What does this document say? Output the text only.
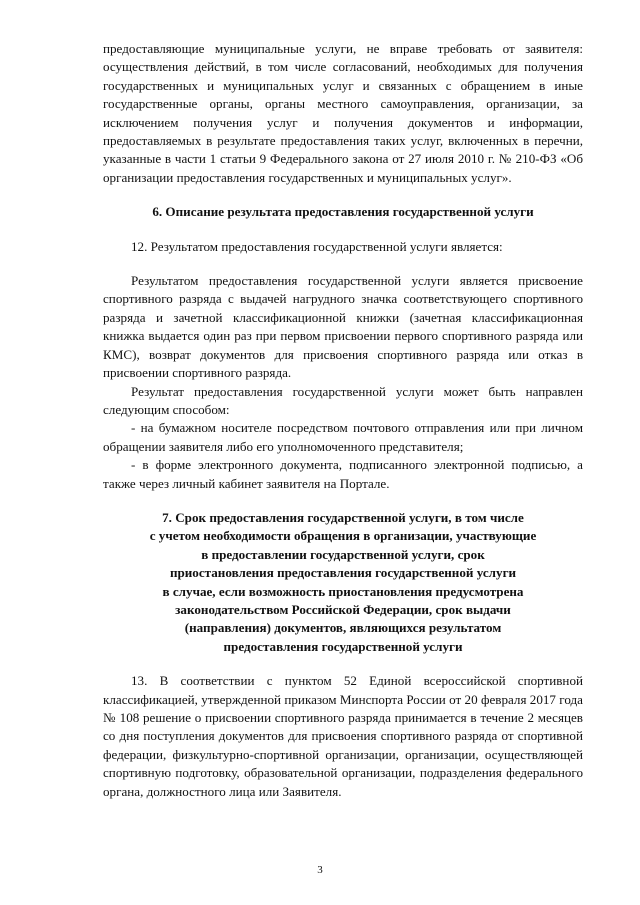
предоставляющие муниципальные услуги, не вправе требовать от заявителя: осуществления действий, в том числе согласований, необходимых для получения государственных и муниципальных услуг и связанных с обращением в иные государственные органы, органы местного самоуправления, организации, за исключением получения услуг и получения документов и информации, предоставляемых в результате предоставления таких услуг, включенных в перечни, указанные в части 1 статьи 9 Федерального закона от 27 июля 2010 г. № 210-ФЗ «Об организации предоставления государственных и муниципальных услуг».

6. Описание результата предоставления государственной услуги

12. Результатом предоставления государственной услуги является:

Результатом предоставления государственной услуги является присвоение спортивного разряда с выдачей нагрудного значка соответствующего спортивного разряда и зачетной классификационной книжки (зачетная классификационная книжка выдается один раз при первом присвоении первого спортивного разряда или КМС), возврат документов для присвоения спортивного разряда или отказ в присвоении спортивного разряда.

Результат предоставления государственной услуги может быть направлен следующим способом:

- на бумажном носителе посредством почтового отправления или при личном обращении заявителя либо его уполномоченного представителя;

- в форме электронного документа, подписанного электронной подписью, а также через личный кабинет заявителя на Портале.

7. Срок предоставления государственной услуги, в том числе
с учетом необходимости обращения в организации, участвующие
в предоставлении государственной услуги, срок
приостановления предоставления государственной услуги
в случае, если возможность приостановления предусмотрена
законодательством Российской Федерации, срок выдачи
(направления) документов, являющихся результатом
предоставления государственной услуги

13. В соответствии с пунктом 52 Единой всероссийской спортивной классификацией, утвержденной приказом Минспорта России от 20 февраля 2017 года № 108 решение о присвоении спортивного разряда принимается в течение 2 месяцев со дня поступления документов для присвоения спортивного разряда от спортивной федерации, физкультурно-спортивной организации, организации, осуществляющей спортивную подготовку, образовательной организации, подразделения федерального органа, должностного лица или Заявителя.

3
